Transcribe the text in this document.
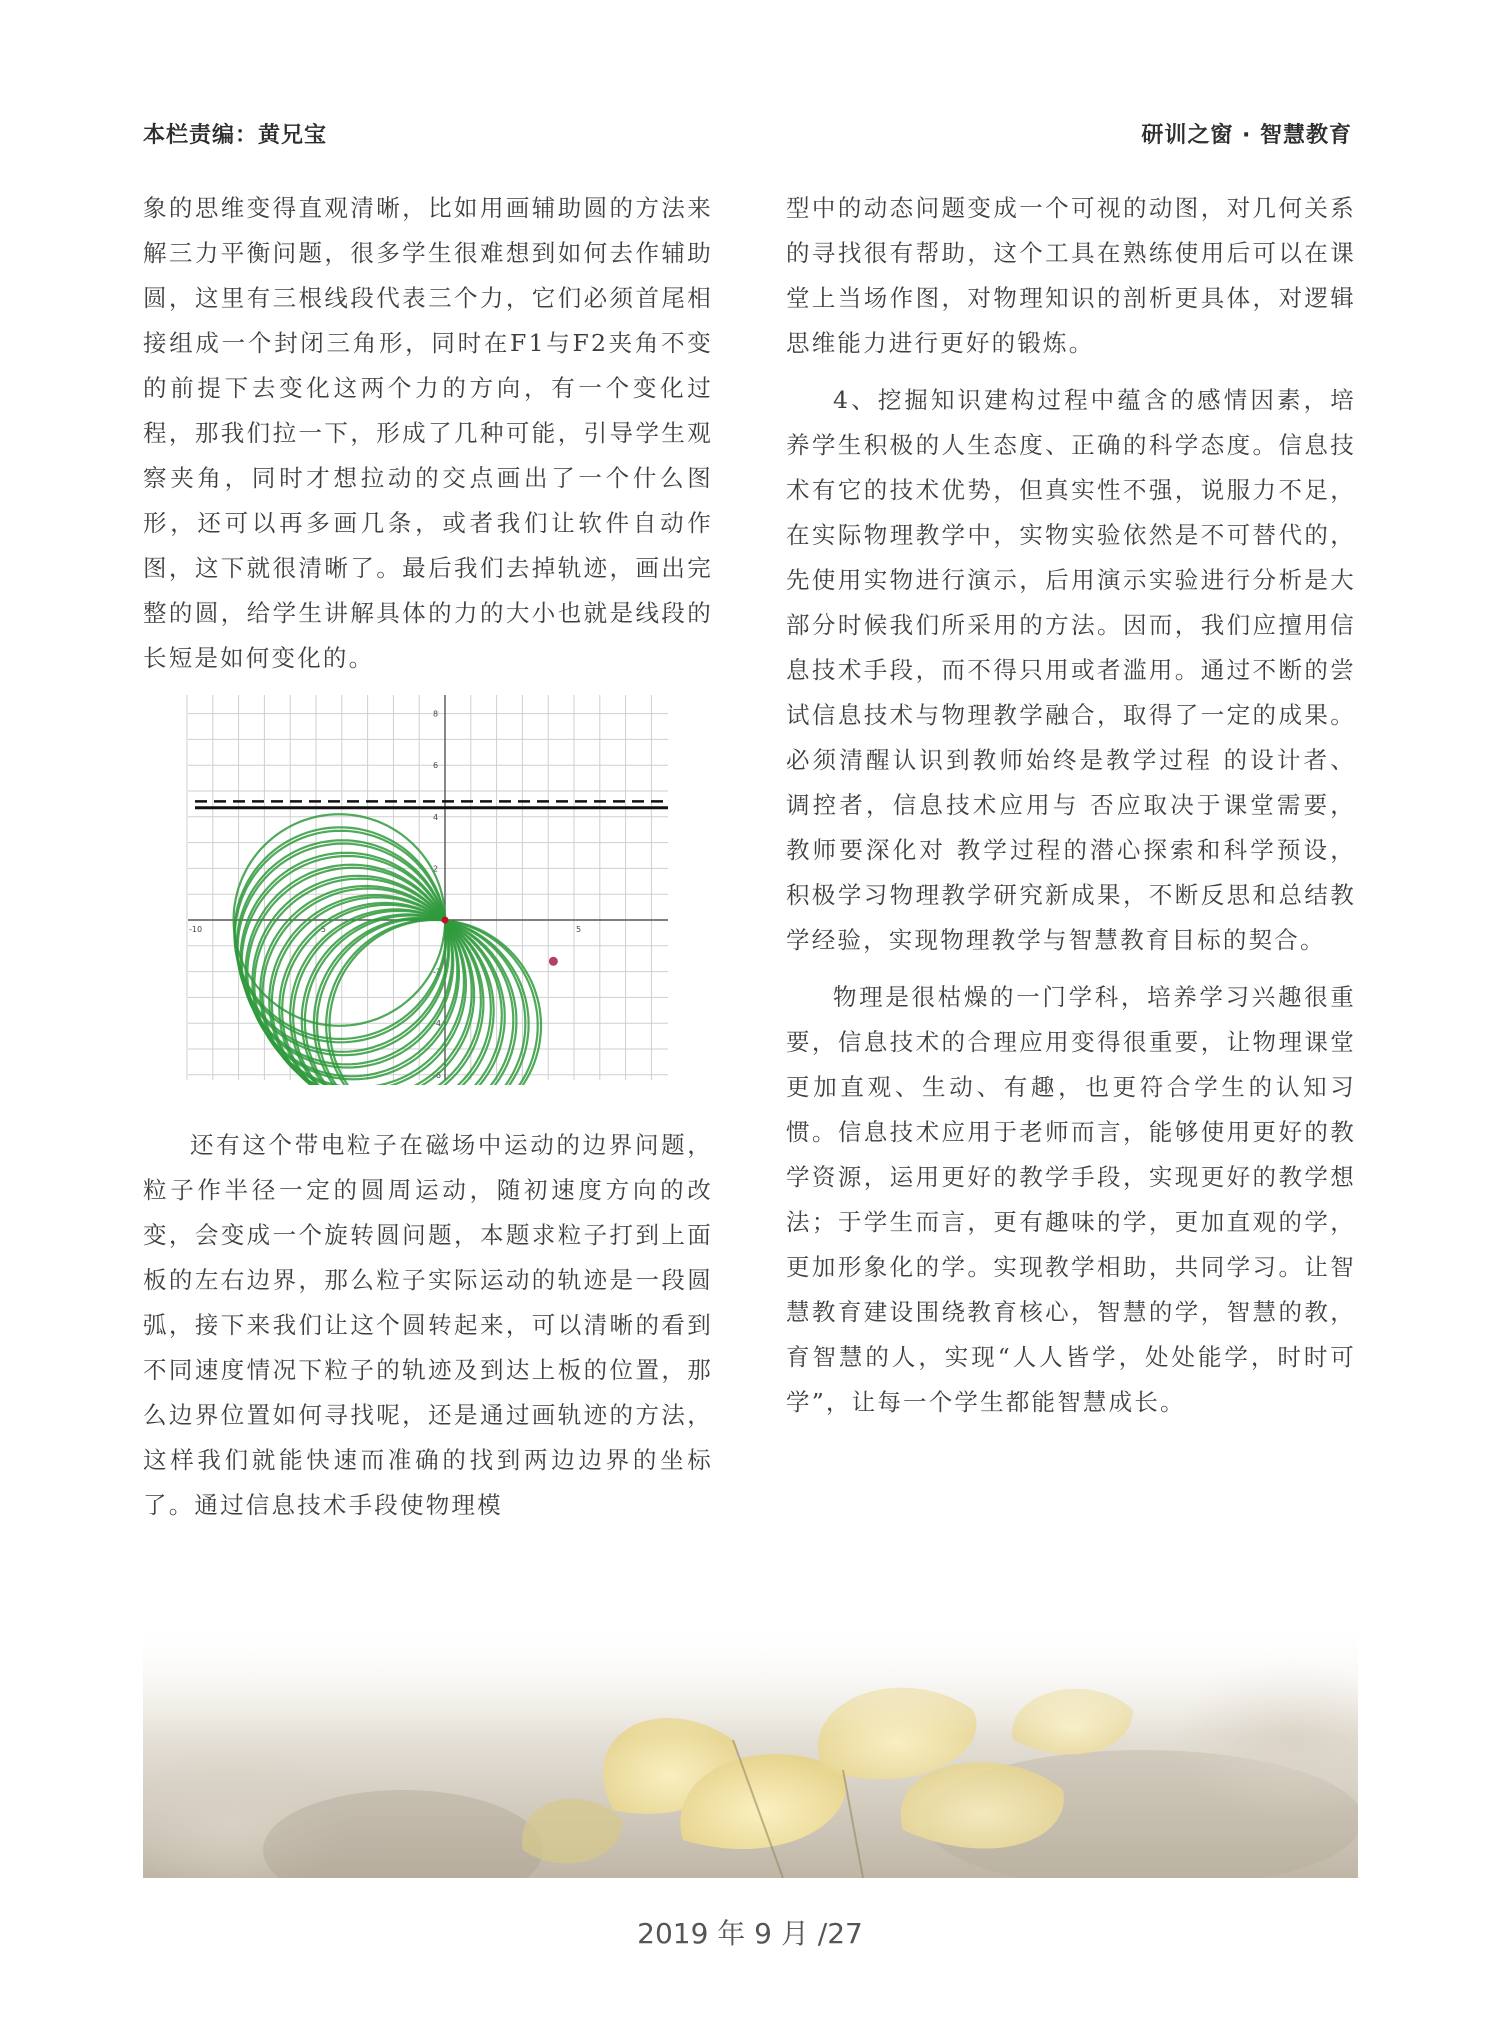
本栏责编：黄兄宝	研训之窗 · 智慧教育

象的思维变得直观清晰，比如用画辅助圆的方法来解三力平衡问题，很多学生很难想到如何去作辅助圆，这里有三根线段代表三个力，它们必须首尾相接组成一个封闭三角形，同时在F1与F2夹角不变的前提下去变化这两个力的方向，有一个变化过程，那我们拉一下，形成了几种可能，引导学生观察夹角，同时才想拉动的交点画出了一个什么图形，还可以再多画几条，或者我们让软件自动作图，这下就很清晰了。最后我们去掉轨迹，画出完整的圆，给学生讲解具体的力的大小也就是线段的长短是如何变化的。

-10	-5	5
8
6
4
2
-2
-4
-6

还有这个带电粒子在磁场中运动的边界问题，粒子作半径一定的圆周运动，随初速度方向的改变，会变成一个旋转圆问题，本题求粒子打到上面板的左右边界，那么粒子实际运动的轨迹是一段圆弧，接下来我们让这个圆转起来，可以清晰的看到不同速度情况下粒子的轨迹及到达上板的位置，那么边界位置如何寻找呢，还是通过画轨迹的方法，这样我们就能快速而准确的找到两边边界的坐标了。通过信息技术手段使物理模

型中的动态问题变成一个可视的动图，对几何关系的寻找很有帮助，这个工具在熟练使用后可以在课堂上当场作图，对物理知识的剖析更具体，对逻辑思维能力进行更好的锻炼。

4、挖掘知识建构过程中蕴含的感情因素，培养学生积极的人生态度、正确的科学态度。信息技术有它的技术优势，但真实性不强，说服力不足，在实际物理教学中，实物实验依然是不可替代的，先使用实物进行演示，后用演示实验进行分析是大部分时候我们所采用的方法。因而，我们应擅用信息技术手段，而不得只用或者滥用。通过不断的尝试信息技术与物理教学融合，取得了一定的成果。必须清醒认识到教师始终是教学过程 的设计者、调控者，信息技术应用与 否应取决于课堂需要，教师要深化对 教学过程的潜心探索和科学预设，积极学习物理教学研究新成果，不断反思和总结教学经验，实现物理教学与智慧教育目标的契合。

物理是很枯燥的一门学科，培养学习兴趣很重要，信息技术的合理应用变得很重要，让物理课堂更加直观、生动、有趣，也更符合学生的认知习惯。信息技术应用于老师而言，能够使用更好的教学资源，运用更好的教学手段，实现更好的教学想法；于学生而言，更有趣味的学，更加直观的学，更加形象化的学。实现教学相助，共同学习。让智慧教育建设围绕教育核心，智慧的学，智慧的教，育智慧的人，实现“人人皆学，处处能学，时时可学”，让每一个学生都能智慧成长。

2019 年 9 月 /27
